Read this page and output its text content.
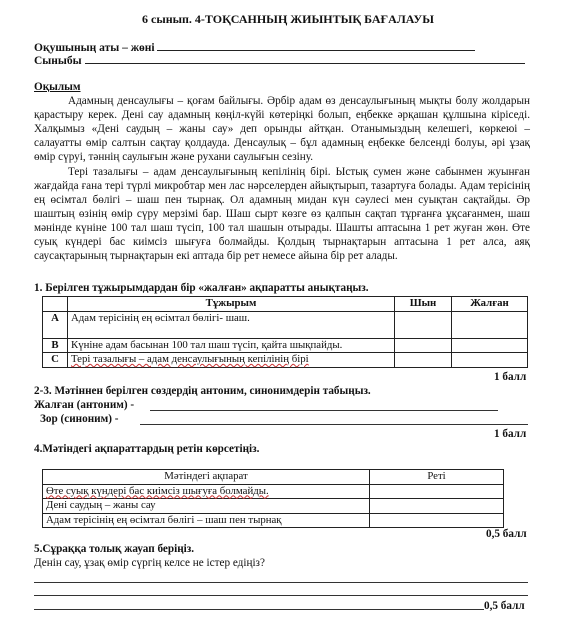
6 сынып. 4-ТОҚСАННЫҢ ЖИЫНТЫҚ БАҒАЛАУЫ
Оқушының аты – жөні
Сыныбы
Оқылым

Адамның денсаулығы – қоғам байлығы. Әрбір адам өз денсаулығының мықты болу жолдарын қарастыру керек. Дені сау адамның көңіл-күйі көтеріңкі болып, еңбекке әрқашан құлшына кіріседі. Халқымыз «Дені саудың – жаны сау» деп орынды айтқан. Отанымыздың келешегі, көркеюі – салауатты өмір салтын сақтау қолдауда. Денсаулық – бұл адамның еңбекке белсенді болуы, әрі ұзақ өмір сүруі, тәннің саулығын және рухани саулығын сезіну.

Тері тазалығы – адам денсаулығының кепілінің бірі. Ыстық сумен және сабынмен жуынған жағдайда ғана тері түрлі микробтар мен лас нәрселерден айықтырып, тазартуға болады. Адам терісінің ең өсімтал бөлігі – шаш пен тырнақ. Ол адамның мидан күн сәулесі мен суықтан сақтайды. Әр шаштың өзінің өмір сүру мерзімі бар. Шаш сырт көзге өз қалпын сақтап тұрғанға ұқсағанмен, шаш мәнінде күніне 100 тал шаш түсіп, 100 тал шашын отырады. Шашты аптасына 1 рет жуған жөн. Өте суық күндері бас киімсіз шығуға болмайды. Қолдың тырнақтарын аптасына 1 рет алса, аяқ саусақтарының тырнақтарын екі аптада бір рет немесе айына бір рет алады.

1. Берілген тұжырымдардан бір «жалған» ақпаратты анықтаңыз.
	Тұжырым	Шын	Жалған
A	Адам терісінің ең өсімтал бөлігі- шаш.		
B	Күніне адам басынан 100 тал шаш түсіп, қайта шықпайды.		
C	Тері тазалығы – адам денсаулығының кепілінің бірі		
1 балл
2-3. Мәтіннен берілген сөздердің антоним, синонимдерін табыңыз.
Жалған (антоним) -
Зор (синоним) -
1 балл
4.Мәтіндегі ақпараттардың ретін көрсетіңіз.
Мәтіндегі ақпарат	Реті
Өте суық күндері бас киімсіз шығуға болмайды.	
Дені саудың – жаны сау	
Адам терісінің ең өсімтал бөлігі – шаш пен тырнақ	
0,5 балл
5.Сұраққа толық жауап беріңіз.
Денін сау, ұзақ өмір сүргің келсе не істер едіңіз?
0,5 балл
